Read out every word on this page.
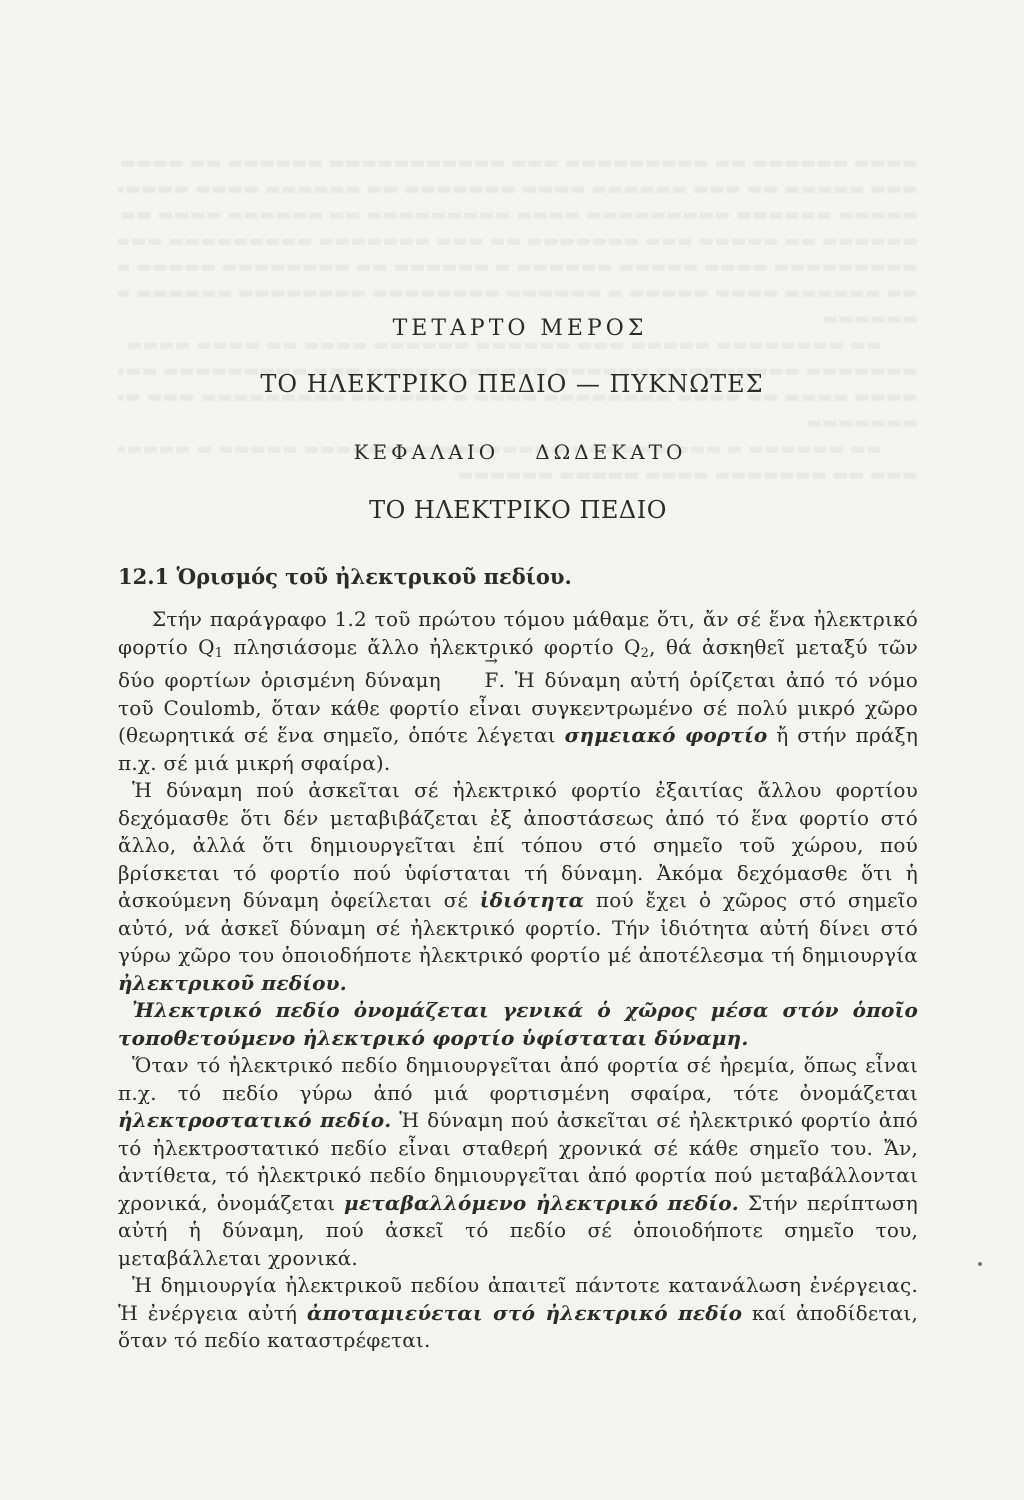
ΤΕΤΑΡΤΟ ΜΕΡΟΣ
ΤΟ ΗΛΕΚΤΡΙΚΟ ΠΕΔΙΟ — ΠΥΚΝΩΤΕΣ
ΚΕΦΑΛΑΙΟ ΔΩΔΕΚΑΤΟ
ΤΟ ΗΛΕΚΤΡΙΚΟ ΠΕΔΙΟ
12.1 Ὁρισμός τοῦ ἠλεκτρικοῦ πεδίου.

Στήν παράγραφο 1.2 τοῦ πρώτου τόμου μάθαμε ὅτι, ἄν σέ ἕνα ἠλεκτρικό φορτίο $Q_1$ πλησιάσομε ἄλλο ἠλεκτρικό φορτίο $Q_2$, θά ἀσκηθεῖ μεταξύ τῶν δύο φορτίων ὁρισμένη δύναμη → F. Ἡ δύναμη αὐτή ὁρίζεται ἀπό τό νόμο τοῦ Coulomb, ὅταν κάθε φορτίο εἶναι συγκεντρωμένο σέ πολύ μικρό χῶρο (θεωρητικά σέ ἕνα σημεῖο, ὁπότε λέγεται σημειακό φορτίο ἤ στήν πράξη π.χ. σέ μιά μικρή σφαίρα).

Ἡ δύναμη πού ἀσκεῖται σέ ἠλεκτρικό φορτίο ἐξαιτίας ἄλλου φορτίου δεχόμασθε ὅτι δέν μεταβιβάζεται ἐξ ἀποστάσεως ἀπό τό ἕνα φορτίο στό ἄλλο, ἀλλά ὅτι δημιουργεῖται ἐπί τόπου στό σημεῖο τοῦ χώρου, πού βρίσκεται τό φορτίο πού ὑφίσταται τή δύναμη. Ἀκόμα δεχόμασθε ὅτι ἡ ἀσκούμενη δύναμη ὀφείλεται σέ ἰδιότητα πού ἔχει ὁ χῶρος στό σημεῖο αὐτό, νά ἀσκεῖ δύναμη σέ ἠλεκτρικό φορτίο. Τήν ἰδιότητα αὐτή δίνει στό γύρω χῶρο του ὁποιοδήποτε ἠλεκτρικό φορτίο μέ ἀποτέλεσμα τή δημιουργία ἠλεκτρικοῦ πεδίου.

Ἠλεκτρικό πεδίο ὀνομάζεται γενικά ὁ χῶρος μέσα στόν ὁποῖο τοποθετούμενο ἠλεκτρικό φορτίο ὑφίσταται δύναμη.

Ὅταν τό ἠλεκτρικό πεδίο δημιουργεῖται ἀπό φορτία σέ ἠρεμία, ὅπως εἶναι π.χ. τό πεδίο γύρω ἀπό μιά φορτισμένη σφαίρα, τότε ὀνομάζεται ἠλεκτροστατικό πεδίο. Ἡ δύναμη πού ἀσκεῖται σέ ἠλεκτρικό φορτίο ἀπό τό ἠλεκτροστατικό πεδίο εἶναι σταθερή χρονικά σέ κάθε σημεῖο του. Ἄν, ἀντίθετα, τό ἠλεκτρικό πεδίο δημιουργεῖται ἀπό φορτία πού μεταβάλλονται χρονικά, ὀνομάζεται μεταβαλλόμενο ἠλεκτρικό πεδίο. Στήν περίπτωση αὐτή ἡ δύναμη, πού ἀσκεῖ τό πεδίο σέ ὁποιοδήποτε σημεῖο του, μεταβάλλεται χρονικά.

Ἡ δημιουργία ἠλεκτρικοῦ πεδίου ἀπαιτεῖ πάντοτε κατανάλωση ἐνέργειας. Ἡ ἐνέργεια αὐτή ἀποταμιεύεται στό ἠλεκτρικό πεδίο καί ἀποδίδεται, ὅταν τό πεδίο καταστρέφεται.
